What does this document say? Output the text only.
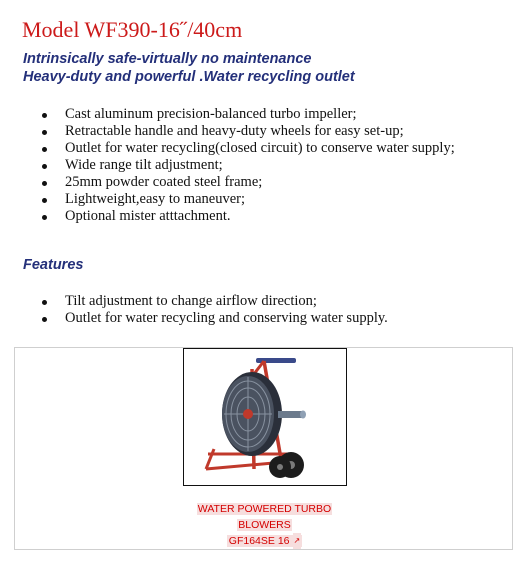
Model WF390-16˝/40cm
Intrinsically safe-virtually no maintenance
Heavy-duty and powerful .Water recycling outlet
Cast aluminum precision-balanced turbo impeller;
Retractable handle and heavy-duty wheels for easy set-up;
Outlet for water recycling(closed circuit) to conserve water supply;
Wide range tilt adjustment;
25mm powder coated steel frame;
Lightweight,easy to maneuver;
Optional mister atttachment.
Features
Tilt adjustment to change airflow direction;
Outlet for water recycling and conserving water supply.
WATER POWERED TURBO
BLOWERS
GF164SE 16 ↗
